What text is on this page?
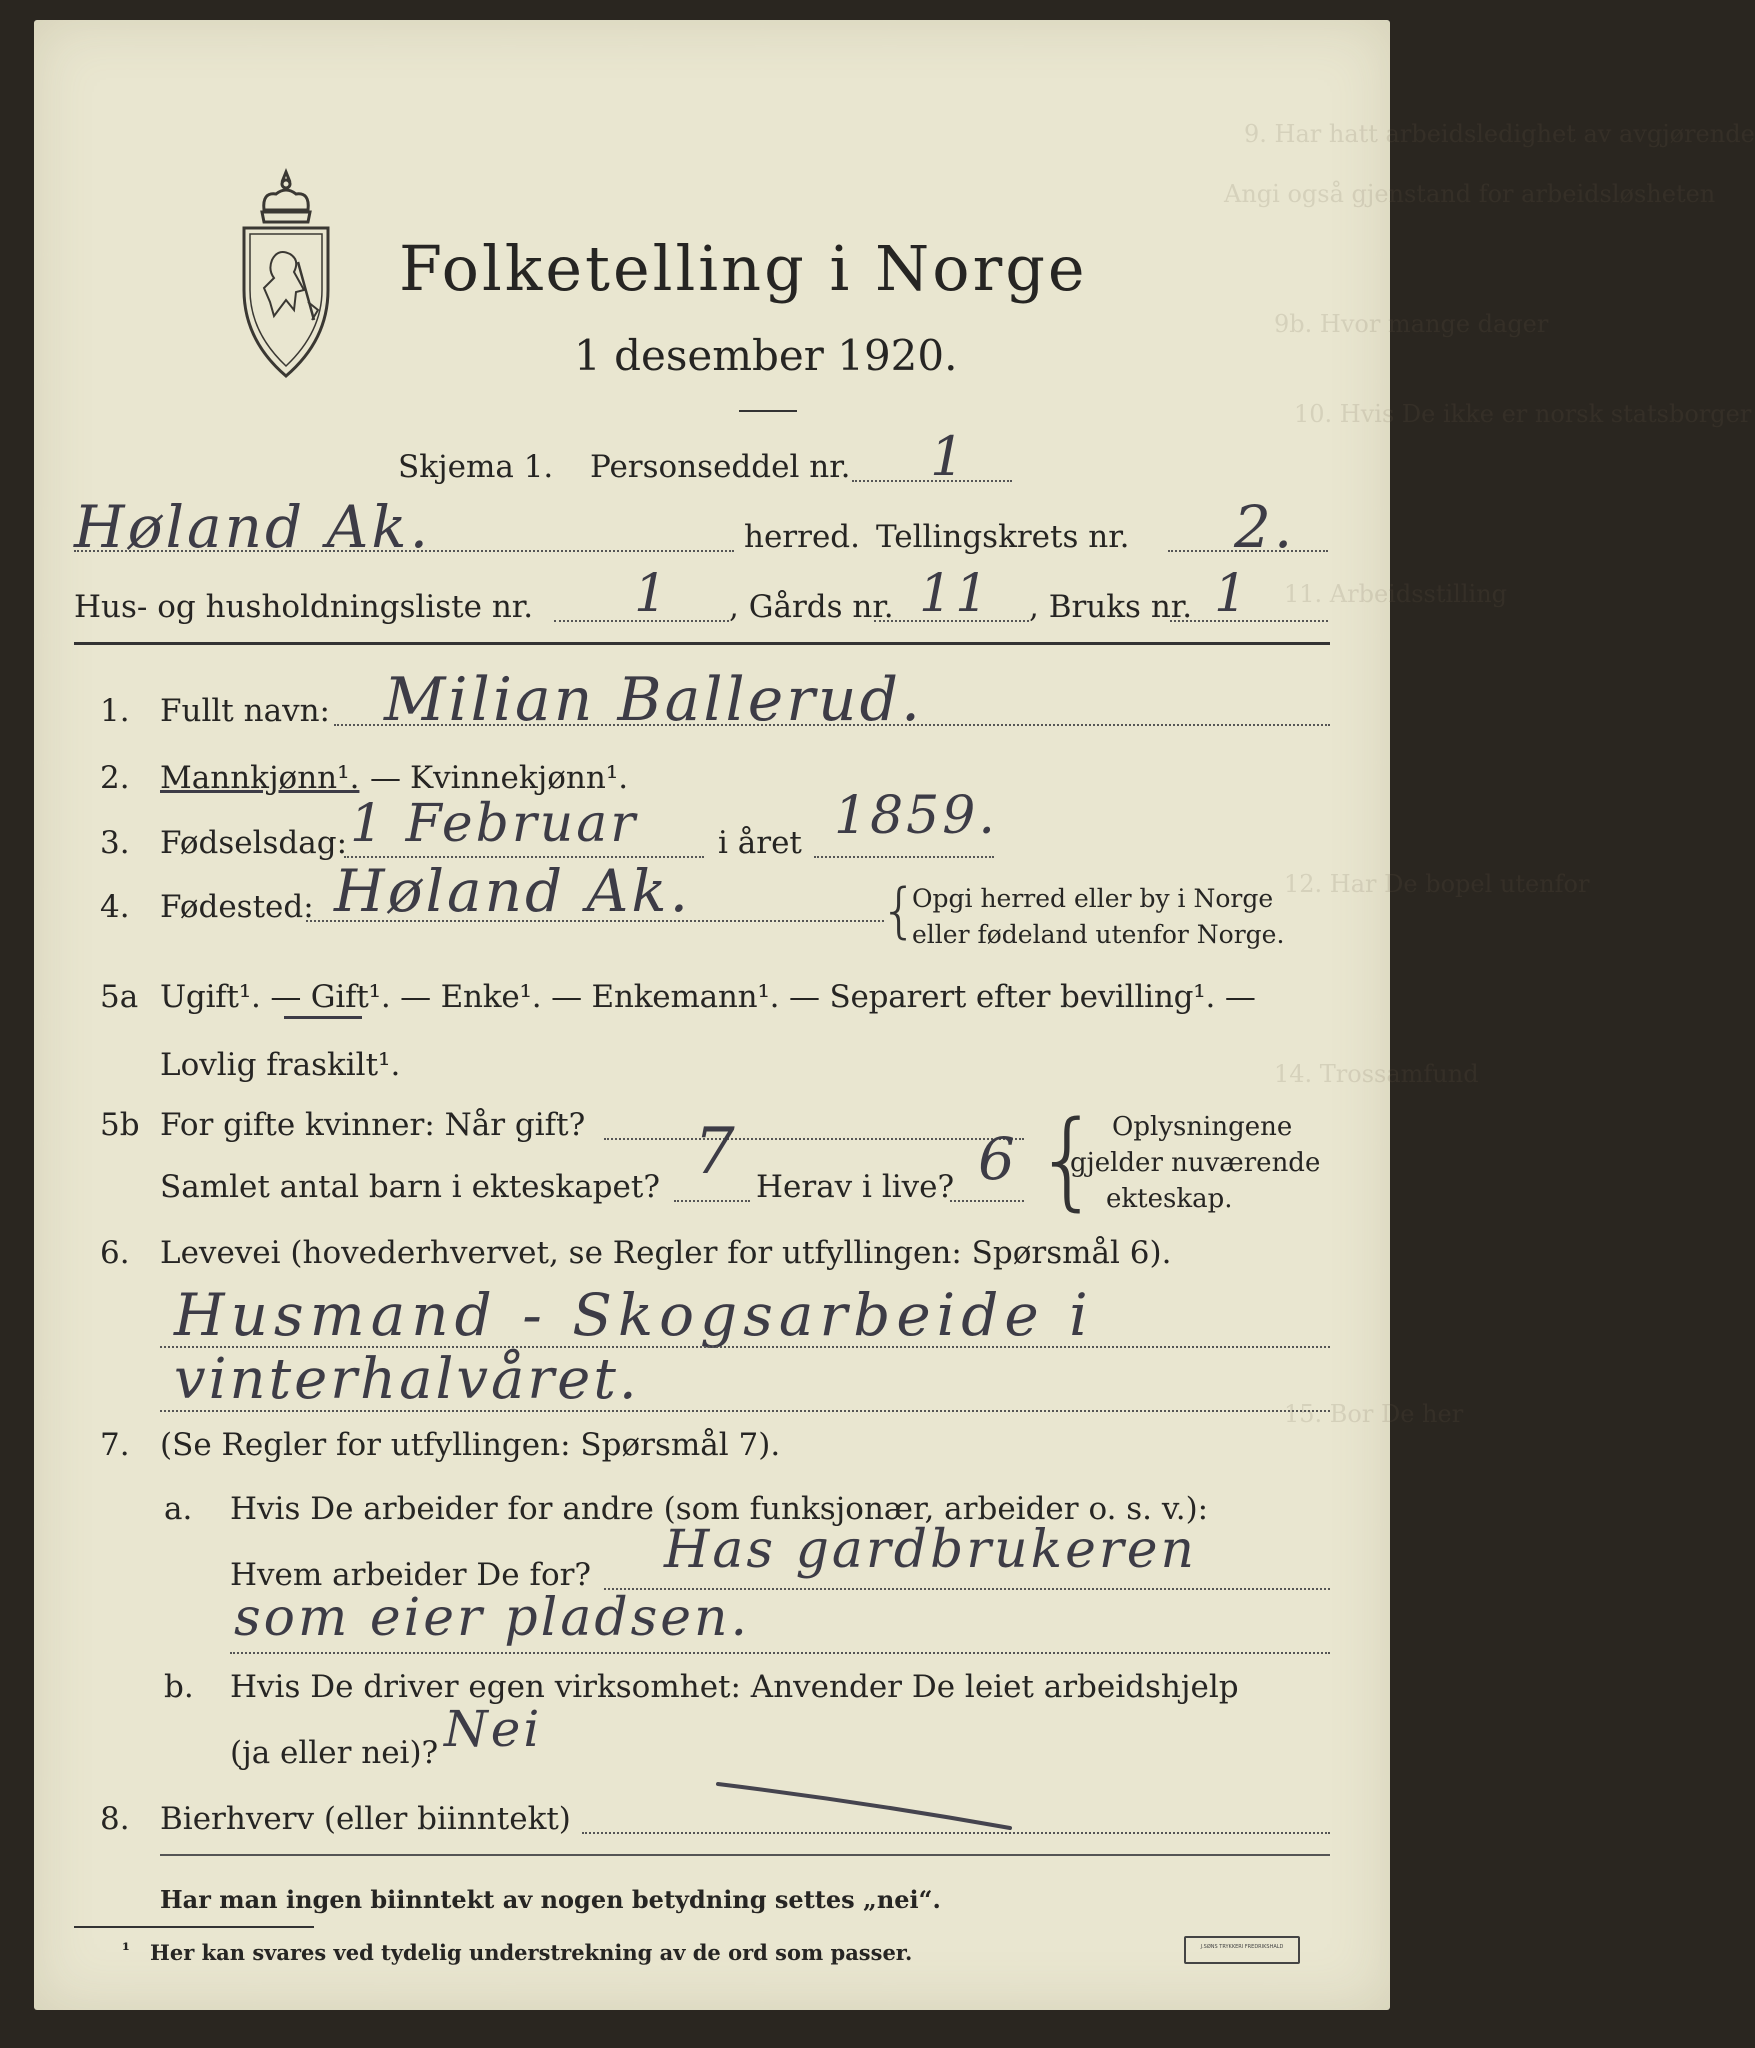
9. Har hatt arbeidsledighet av avgjørende
Angi også gjenstand for arbeidsløsheten
9b. Hvor mange dager
10. Hvis De ikke er norsk statsborger
11. Arbeidsstilling
12. Har De bopel utenfor
14. Trossamfund
15. Bor De her
Folketelling i Norge
1 desember 1920.
Skjema 1. Personseddel nr. 1
Høland Ak.	herred. Tellingskrets nr. 2.
Hus- og husholdningsliste nr. 1 , Gårds nr. 11 , Bruks nr. 1
1. Fullt navn: Milian Ballerud.
2. Mannkjønn¹. — Kvinnekjønn¹.
3. Fødselsdag: 1 Februar	i året 1859.
4. Fødested: Høland Ak.	{
Opgi herred eller by i Norge
eller fødeland utenfor Norge.
5a Ugift¹. — Gift¹. — Enke¹. — Enkemann¹. — Separert efter bevilling¹. —
Lovlig fraskilt¹.
5b For gifte kvinner: Når gift?
Samlet antal barn i ekteskapet? 7 Herav i live? 6 { Oplysningene
gjelder nuværende
ekteskap.
6. Levevei (hovederhvervet, se Regler for utfyllingen: Spørsmål 6).
Husmand - Skogsarbeide i
vinterhalvåret.
7. (Se Regler for utfyllingen: Spørsmål 7).
a. Hvis De arbeider for andre (som funksjonær, arbeider o. s. v.):
Hvem arbeider De for? Has gardbrukeren
som eier pladsen.
b. Hvis De driver egen virksomhet: Anvender De leiet arbeidshjelp
(ja eller nei)? Nei
8. Bierhverv (eller biinntekt)
Har man ingen biinntekt av nogen betydning settes „nei“.
¹ Her kan svares ved tydelig understrekning av de ord som passer.	J.SØNS TRYKKERI FREDRIKSHALD
